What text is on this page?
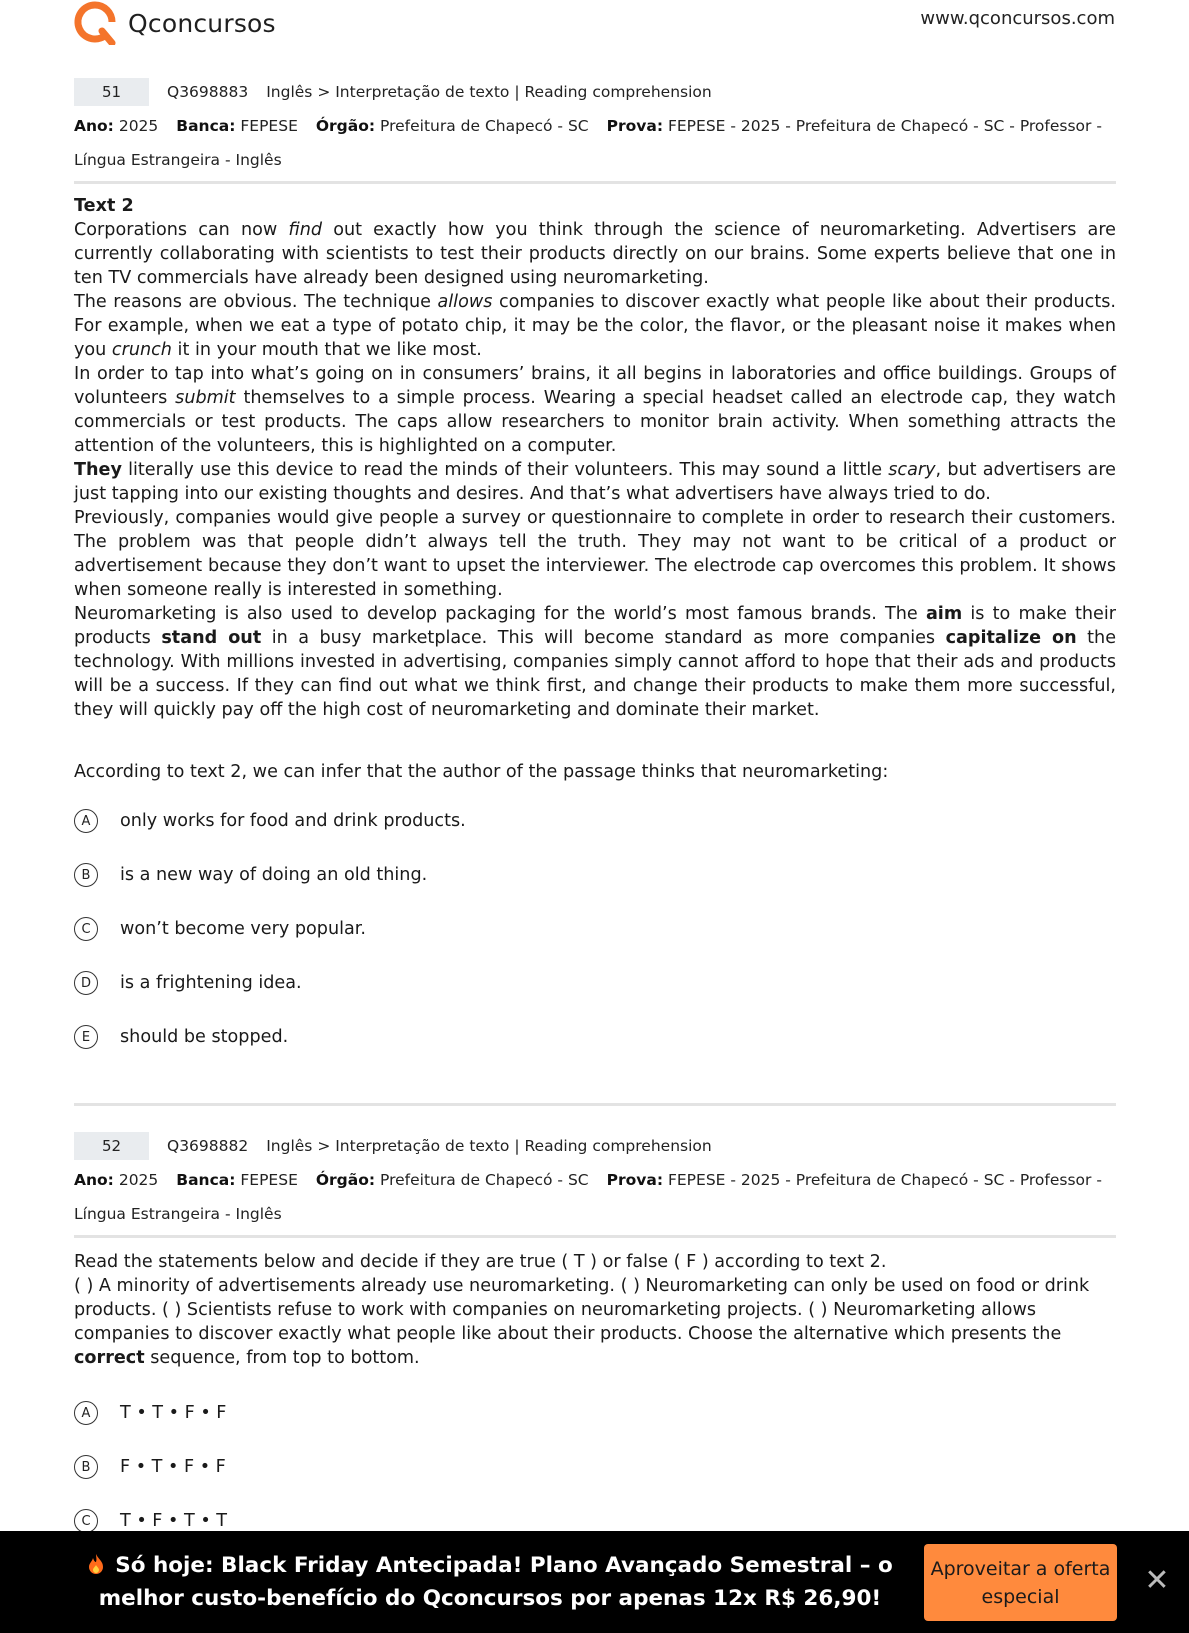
Qconcursos	www.qconcursos.com
51	Q3698883 Inglês > Interpretação de texto | Reading comprehension
Ano: 2025 Banca: FEPESE Órgão: Prefeitura de Chapecó - SC Prova: FEPESE - 2025 - Prefeitura de Chapecó - SC - Professor - Língua Estrangeira - Inglês

Text 2

Corporations can now find out exactly how you think through the science of neuromarketing. Advertisers are currently collaborating with scientists to test their products directly on our brains. Some experts believe that one in ten TV commercials have already been designed using neuromarketing.

The reasons are obvious. The technique allows companies to discover exactly what people like about their products. For example, when we eat a type of potato chip, it may be the color, the flavor, or the pleasant noise it makes when you crunch it in your mouth that we like most.

In order to tap into what’s going on in consumers’ brains, it all begins in laboratories and office buildings. Groups of volunteers submit themselves to a simple process. Wearing a special headset called an electrode cap, they watch commercials or test products. The caps allow researchers to monitor brain activity. When something attracts the attention of the volunteers, this is highlighted on a computer.

They literally use this device to read the minds of their volunteers. This may sound a little scary, but advertisers are just tapping into our existing thoughts and desires. And that’s what advertisers have always tried to do.

Previously, companies would give people a survey or questionnaire to complete in order to research their customers. The problem was that people didn’t always tell the truth. They may not want to be critical of a product or advertisement because they don’t want to upset the interviewer. The electrode cap overcomes this problem. It shows when someone really is interested in something.

Neuromarketing is also used to develop packaging for the world’s most famous brands. The aim is to make their products stand out in a busy marketplace. This will become standard as more companies capitalize on the technology. With millions invested in advertising, companies simply cannot afford to hope that their ads and products will be a success. If they can find out what we think first, and change their products to make them more successful, they will quickly pay off the high cost of neuromarketing and dominate their market.

According to text 2, we can infer that the author of the passage thinks that neuromarketing:

A	only works for food and drink products.
B	is a new way of doing an old thing.
C	won’t become very popular.
D	is a frightening idea.
E	should be stopped.
52	Q3698882 Inglês > Interpretação de texto | Reading comprehension
Ano: 2025 Banca: FEPESE Órgão: Prefeitura de Chapecó - SC Prova: FEPESE - 2025 - Prefeitura de Chapecó - SC - Professor - Língua Estrangeira - Inglês

Read the statements below and decide if they are true ( T ) or false ( F ) according to text 2.

( ) A minority of advertisements already use neuromarketing. ( ) Neuromarketing can only be used on food or drink products. ( ) Scientists refuse to work with companies on neuromarketing projects. ( ) Neuromarketing allows companies to discover exactly what people like about their products. Choose the alternative which presents the correct sequence, from top to bottom.

A	T • T • F • F
B	F • T • F • F
C	T • F • T • T
Só hoje: Black Friday Antecipada! Plano Avançado Semestral – o melhor custo-benefício do Qconcursos por apenas 12x R$ 26,90!
Aproveitar a oferta especial	✕
